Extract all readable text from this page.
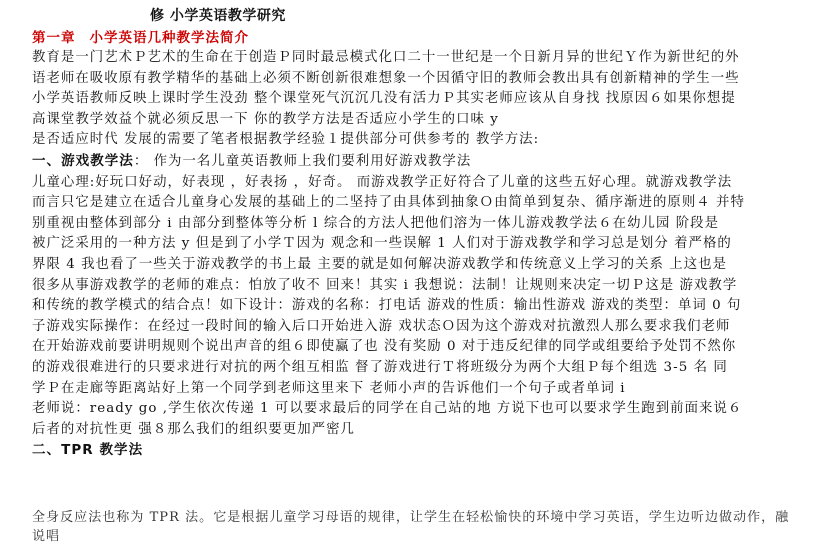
修 小学英语教学研究
第一章 小学英语几种教学法简介

教育是一门艺术Ｐ艺术的生命在于创造Ｐ同时最忌模式化口二十一世纪是一个日新月异的世纪Ｙ作为新世纪的外

语老师在吸收原有教学精华的基础上必须不断创新很难想象一个因循守旧的教师会教出具有创新精神的学生一些

小学英语教师反映上课时学生没劲 整个课堂死气沉沉几没有活力Ｐ其实老师应该从自身找 找原因６如果你想提

高课堂教学效益个就必须反思一下 你的教学方法是否适应小学生的口味 y

是否适应时代 发展的需要了笔者根据教学经验１提供部分可供参考的 教学方法:

一、游戏教学法： 作为一名儿童英语教师上我们要利用好游戏教学法

儿童心理:好玩口好动，好表现 ，好表扬 ，好奇。 而游戏教学正好符合了儿童的这些五好心理。就游戏教学法

而言只它是建立在适合儿童身心发展的基础上的二坚持了由具体到抽象Ｏ由简单到复杂、循序渐进的原则４ 并特

别重视由整体到部分 i 由部分到整体等分析 l 综合的方法人把他们溶为一体儿游戏教学法６在幼儿园 阶段是

被广泛采用的一种方法 y 但是到了小学Ｔ因为 观念和一些误解 1 人们对于游戏教学和学习总是划分 着严格的

界限 4 我也看了一些关于游戏教学的书上最 主要的就是如何解决游戏教学和传统意义上学习的关系 上这也是

很多从事游戏教学的老师的难点：怕放了收不 回来！其实 i 我想说：法制！让规则来决定一切Ｐ这是 游戏教学

和传统的教学模式的结合点！如下设计：游戏的名称：打电话 游戏的性质：输出性游戏 游戏的类型：单词 0 句

子游戏实际操作：在经过一段时间的输入后口开始进入游 戏状态Ｏ因为这个游戏对抗激烈人那么要求我们老师

在开始游戏前要讲明规则个说出声音的组６即使赢了也 没有奖励 0 对于违反纪律的同学或组要给予处罚不然你

的游戏很难进行的只要求进行对抗的两个组互相监 督了游戏进行Ｔ将班级分为两个大组Ｐ每个组选 3-5 名 同

学Ｐ在走廊等距离站好上第一个同学到老师这里来下 老师小声的告诉他们一个句子或者单词 i

老师说：ready go ,学生依次传递 1 可以要求最后的同学在自己站的地 方说下也可以要求学生跑到前面来说６

后者的对抗性更 强８那么我们的组织要更加严密几

二、TPR 教学法

全身反应法也称为 TPR 法。它是根据儿童学习母语的规律，让学生在轻松愉快的环境中学习英语，学生边听边做动作，融说唱
